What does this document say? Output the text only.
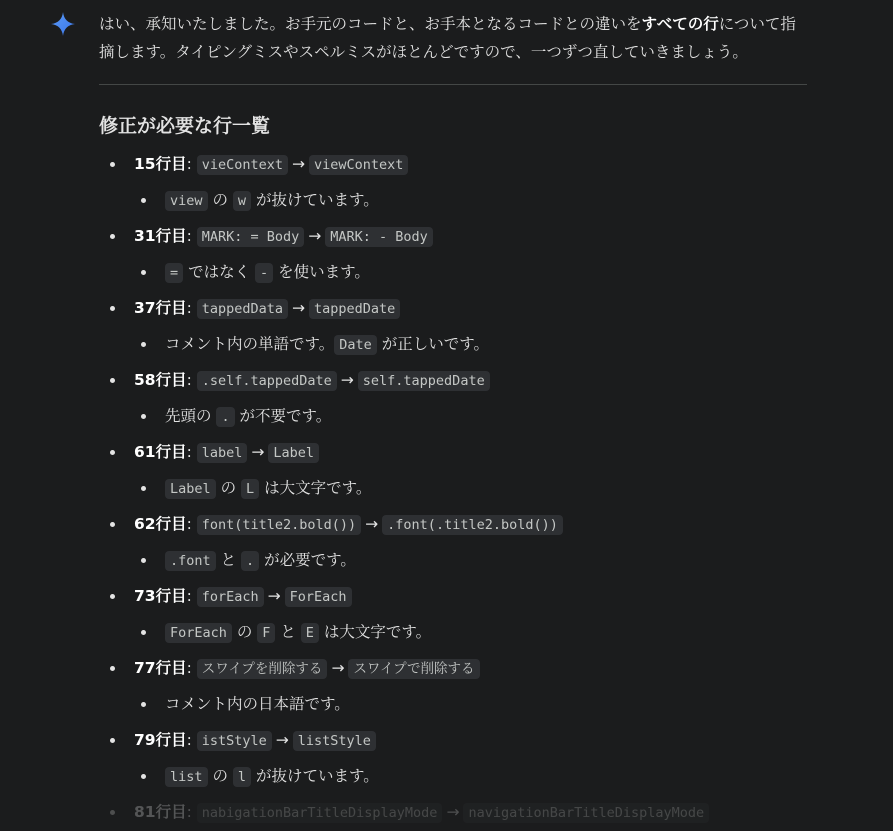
はい、承知いたしました。お手元のコードと、お手本となるコードとの違いをすべての行について指摘します。タイピングミスやスペルミスがほとんどですので、一つずつ直していきましょう。

修正が必要な行一覧
15行目: vieContext → viewContext
view の w が抜けています。
31行目: MARK: = Body → MARK: - Body
= ではなく - を使います。
37行目: tappedData → tappedDate
コメント内の単語です。 Date が正しいです。
58行目: .self.tappedDate → self.tappedDate
先頭の . が不要です。
61行目: label → Label
Label の L は大文字です。
62行目: font(title2.bold()) → .font(.title2.bold())
.font と . が必要です。
73行目: forEach → ForEach
ForEach の F と E は大文字です。
77行目: スワイプを削除する → スワイプで削除する
コメント内の日本語です。
79行目: istStyle → listStyle
list の l が抜けています。
81行目: nabigationBarTitleDisplayMode → navigationBarTitleDisplayMode
